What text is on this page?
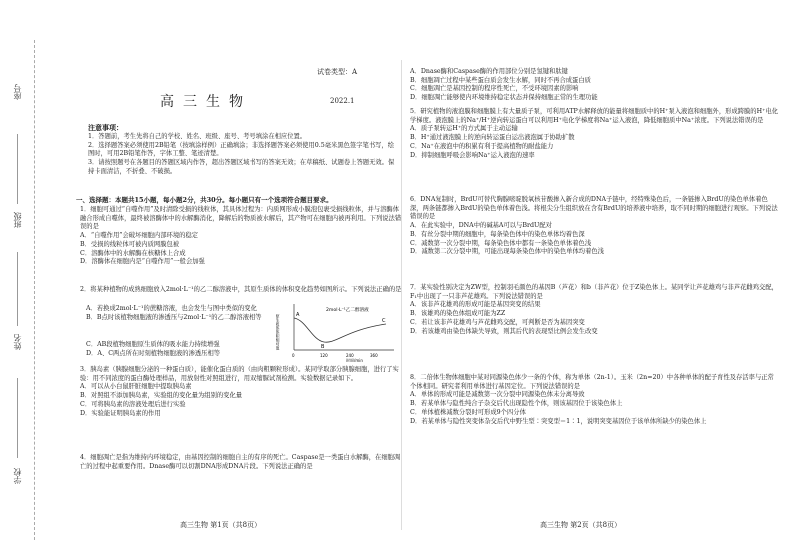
学校
姓名
班级
座号
试卷类型：A
高三生物	2022.1
注意事项：

1．答题前，考生先将自己的学校、姓名、班级、座号、考号填涂在相应位置。

2．选择题答案必须使用2B铅笔（按填涂样例）正确填涂；非选择题答案必须使用0.5毫米黑色签字笔书写，绘图时，可用2B铅笔作答，字体工整、笔迹清楚。

3．请按照题号在各题目的答题区域内作答，超出答题区域书写的答案无效；在草稿纸、试题卷上答题无效。保持卡面清洁，不折叠、不破损。

一、选择题：本题共15小题，每小题2分，共30分。每小题只有一个选项符合题目要求。

1．细胞可通过“自噬作用”及时清除受损的线粒体，其具体过程为：内质网形成小膜泡包裹受损线粒体，并与溶酶体融合形成自噬体，最终被溶酶体中的水解酶消化，降解后的物质被水解后，其产物可在细胞内被再利用。下列说法错误的是

A．“自噬作用”会破坏细胞内部环境的稳定

B．受损的线粒体可被内质网膜包被

C．溶酶体中的水解酶在核糖体上合成

D．溶酶体在细胞内是“自噬作用”一般会加强

2．将某种植物的成熟细胞放入2mol·L⁻¹的乙二醇溶液中，其原生质体的体积变化趋势如图所示。下列说法正确的是

A．若换成2mol·L⁻¹的蔗糖溶液，也会发生与图中类似的变化

B．B点时该植物细胞液的渗透压与2mol·L⁻¹的乙二醇溶液相等

C．AB段植物细胞原生质体的吸水能力持续增强

D．A、C两点所在时刻植物细胞液的渗透压相等

A
B
C
2mol·L⁻¹乙二醇溶液
原生质体体积相对值
0	120	240	360
时间/min

3．胰岛素（胰腺细胞分泌的一种蛋白质），能催化蛋白质的（由肉粗颗粒形成）。某同学取部分胰腺细胞，进行了实验：用不同浓度的蛋白酶处理样品，用放射性对照组进行，用双缩脲试剂检测。实验数据记录如下。

A．可以从小白鼠肝脏细胞中提取胰岛素

B．对照组不添加胰岛素，实验组的变化量为组别的变化量

C．可将胰岛素的溶液处理后进行实验

D．实验能证明胰岛素的作用

4．细胞凋亡是指为维持内环境稳定，由基因控制的细胞自主的有序的死亡。Caspase是一类蛋白水解酶，在细胞凋亡的过程中起重要作用。Dnase酶可以切割DNA形成DNA片段。下列说法正确的是

A．Dnase酶和Caspase酶的作用部位分别是氢键和肽键

B．细胞凋亡过程中某些蛋白质会发生水解，同时不再合成蛋白质

C．细胞凋亡是基因控制的程序性死亡，不受环境因素的影响

D．细胞凋亡能够使内环境维持稳定状态并保持细胞正常的生理功能

5．研究植物的液泡膜和细胞膜上有大量质子泵，可利用ATP水解释放的能量将细胞质中的H⁺泵入液泡和细胞外，形成跨膜的H⁺电化学梯度。液泡膜上的Na⁺/H⁺逆向转运蛋白可以利用H⁺电化学梯度将Na⁺运入液泡，降低细胞质中Na⁺浓度。下列说法错误的是

A．质子泵转运H⁺的方式属于主动运输

B．H⁺通过液泡膜上的逆向转运蛋白运出液泡属于协助扩散

C．Na⁺在液泡中的积累有利于提高植物的耐盐能力

D．抑制细胞呼吸会影响Na⁺运入液泡的速率

6．DNA复制时，BrdU可替代胸腺嘧啶脱氧核苷酸掺入新合成的DNA子链中，经特殊染色后，一条链掺入BrdU的染色单体着色深，两条链都掺入BrdU的染色单体着色浅。将根尖分生组织放在含有BrdU的培养液中培养，取不同时期的细胞进行观察。下列说法错误的是

A．在此实验中，DNA中的碱基A可以与BrdU配对

B．有丝分裂中期的细胞中，每条染色体中的染色单体均着色深

C．减数第一次分裂中期，每条染色体中都有一条染色单体着色浅

D．减数第二次分裂中期，可能出现每条染色体中的染色单体均着色浅

7．某实验性别决定为ZW型，控制羽毛颜色的基因B（芦花）和b（非芦花）位于Z染色体上。某同学让芦花雄鸡与非芦花雌鸡交配，F₁中出现了一只非芦花雄鸡。下列说法错误的是

A．该非芦花雄鸡的形成可能是基因突变的结果

B．该雄鸡的染色体组成可能为ZZ

C．若让该非芦花雄鸡与芦花雌鸡交配，可判断是否为基因突变

D．若该雄鸡由染色体缺失导致，则其后代的表现型比例会发生改变

8．二倍体生物体细胞中某对同源染色体少一条的个体，称为单体（2n-1）。玉米（2n=20）中各种单体的配子育性及存活率与正常个体相同。研究者利用单体进行基因定位。下列说法错误的是

A．单体的形成可能是减数第一次分裂中同源染色体未分离导致

B．若某单体与隐性纯合子杂交后代出现隐性个体，则该基因位于该染色体上

C．单体植株减数分裂时可形成9个四分体

D．若某单体与隐性突变体杂交后代中野生型∶突变型＝1∶1，说明突变基因位于该单体所缺少的染色体上

高三生物 第1页（共8页）	高三生物 第2页（共8页）
